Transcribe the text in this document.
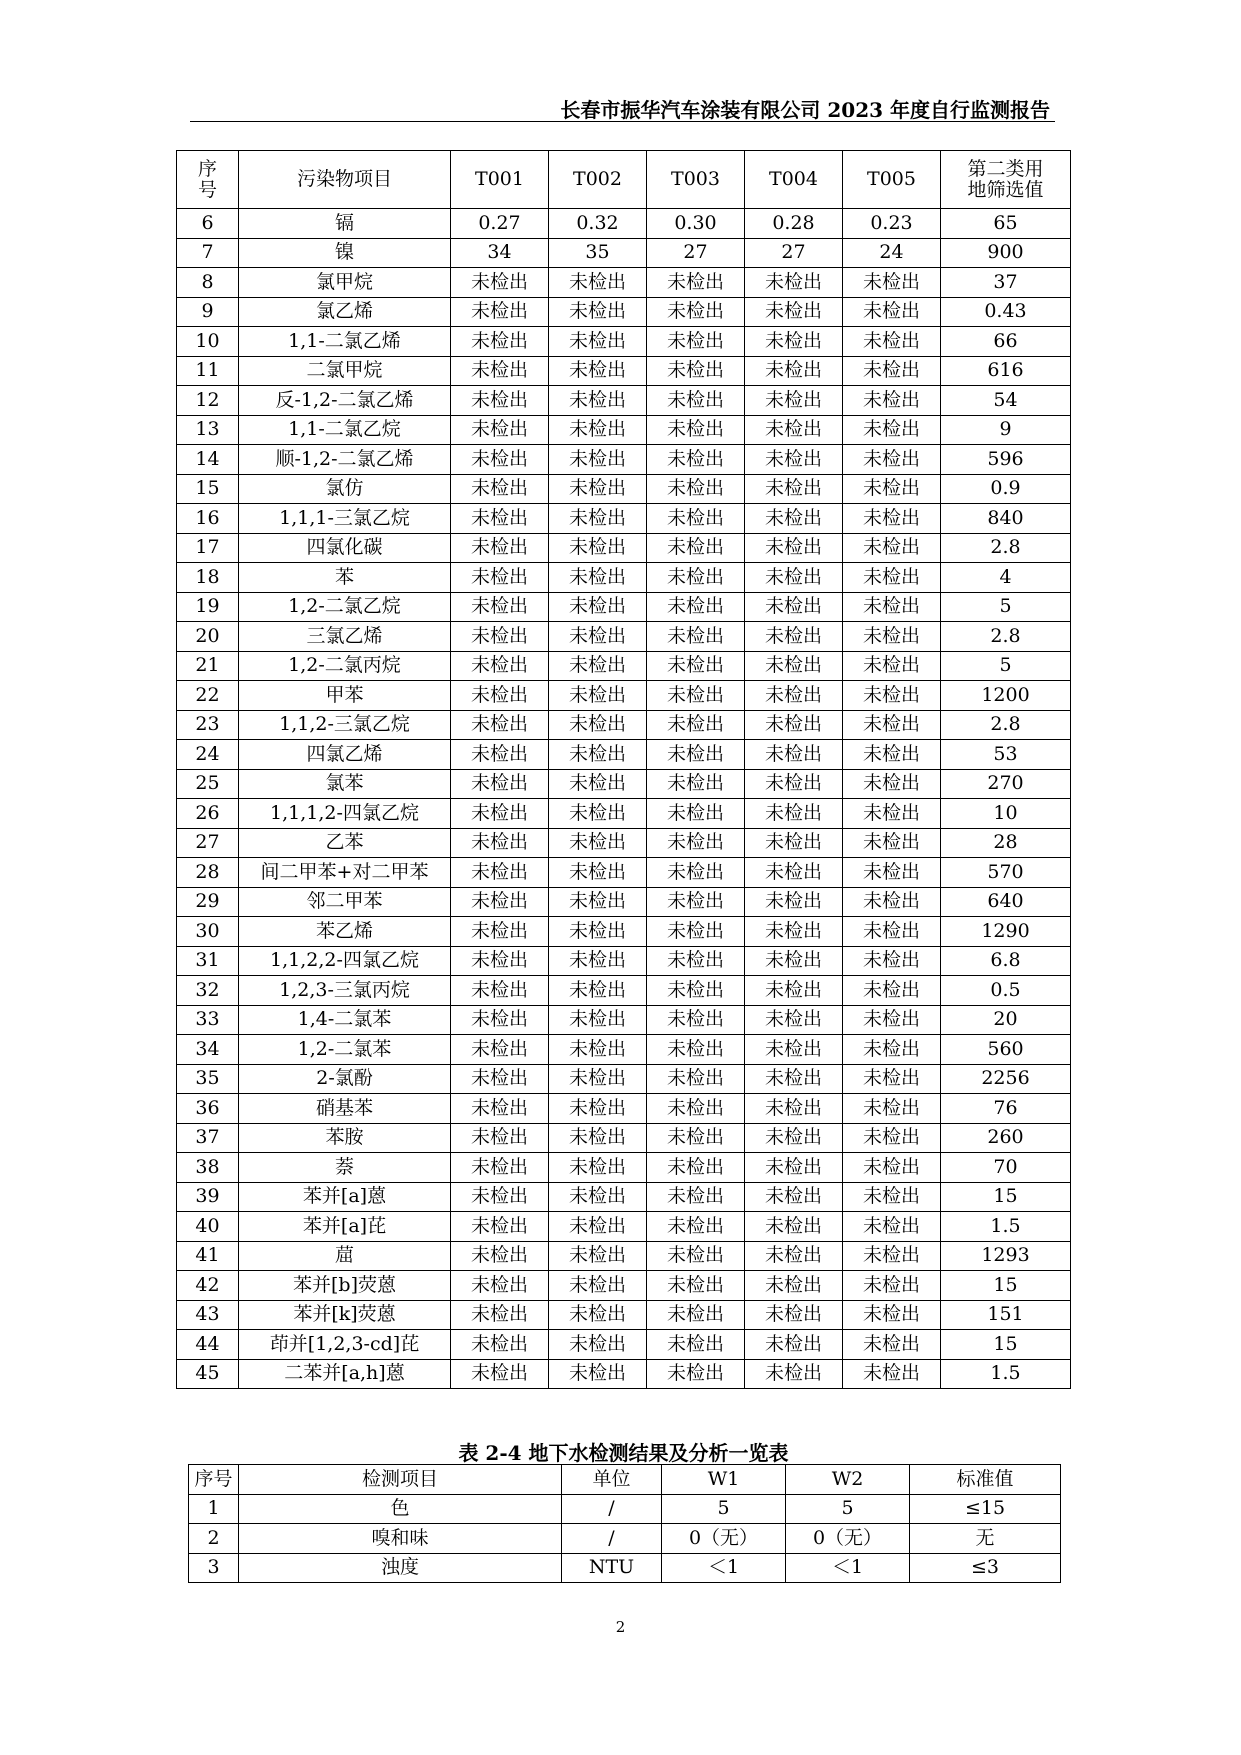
长春市振华汽车涂装有限公司 2023 年度自行监测报告
序号	污染物项目	T001	T002	T003	T004	T005	第二类用地筛选值
6	镉	0.27	0.32	0.30	0.28	0.23	65
7	镍	34	35	27	27	24	900
8	氯甲烷	未检出	未检出	未检出	未检出	未检出	37
9	氯乙烯	未检出	未检出	未检出	未检出	未检出	0.43
10	1,1-二氯乙烯	未检出	未检出	未检出	未检出	未检出	66
11	二氯甲烷	未检出	未检出	未检出	未检出	未检出	616
12	反-1,2-二氯乙烯	未检出	未检出	未检出	未检出	未检出	54
13	1,1-二氯乙烷	未检出	未检出	未检出	未检出	未检出	9
14	顺-1,2-二氯乙烯	未检出	未检出	未检出	未检出	未检出	596
15	氯仿	未检出	未检出	未检出	未检出	未检出	0.9
16	1,1,1-三氯乙烷	未检出	未检出	未检出	未检出	未检出	840
17	四氯化碳	未检出	未检出	未检出	未检出	未检出	2.8
18	苯	未检出	未检出	未检出	未检出	未检出	4
19	1,2-二氯乙烷	未检出	未检出	未检出	未检出	未检出	5
20	三氯乙烯	未检出	未检出	未检出	未检出	未检出	2.8
21	1,2-二氯丙烷	未检出	未检出	未检出	未检出	未检出	5
22	甲苯	未检出	未检出	未检出	未检出	未检出	1200
23	1,1,2-三氯乙烷	未检出	未检出	未检出	未检出	未检出	2.8
24	四氯乙烯	未检出	未检出	未检出	未检出	未检出	53
25	氯苯	未检出	未检出	未检出	未检出	未检出	270
26	1,1,1,2-四氯乙烷	未检出	未检出	未检出	未检出	未检出	10
27	乙苯	未检出	未检出	未检出	未检出	未检出	28
28	间二甲苯+对二甲苯	未检出	未检出	未检出	未检出	未检出	570
29	邻二甲苯	未检出	未检出	未检出	未检出	未检出	640
30	苯乙烯	未检出	未检出	未检出	未检出	未检出	1290
31	1,1,2,2-四氯乙烷	未检出	未检出	未检出	未检出	未检出	6.8
32	1,2,3-三氯丙烷	未检出	未检出	未检出	未检出	未检出	0.5
33	1,4-二氯苯	未检出	未检出	未检出	未检出	未检出	20
34	1,2-二氯苯	未检出	未检出	未检出	未检出	未检出	560
35	2-氯酚	未检出	未检出	未检出	未检出	未检出	2256
36	硝基苯	未检出	未检出	未检出	未检出	未检出	76
37	苯胺	未检出	未检出	未检出	未检出	未检出	260
38	萘	未检出	未检出	未检出	未检出	未检出	70
39	苯并[a]蒽	未检出	未检出	未检出	未检出	未检出	15
40	苯并[a]芘	未检出	未检出	未检出	未检出	未检出	1.5
41	䓛	未检出	未检出	未检出	未检出	未检出	1293
42	苯并[b]荧蒽	未检出	未检出	未检出	未检出	未检出	15
43	苯并[k]荧蒽	未检出	未检出	未检出	未检出	未检出	151
44	茚并[1,2,3-cd]芘	未检出	未检出	未检出	未检出	未检出	15
45	二苯并[a,h]蒽	未检出	未检出	未检出	未检出	未检出	1.5
表 2-4 地下水检测结果及分析一览表
序号	检测项目	单位	W1	W2	标准值
1	色	/	5	5	≤15
2	嗅和味	/	0（无）	0（无）	无
3	浊度	NTU	＜1	＜1	≤3
2
